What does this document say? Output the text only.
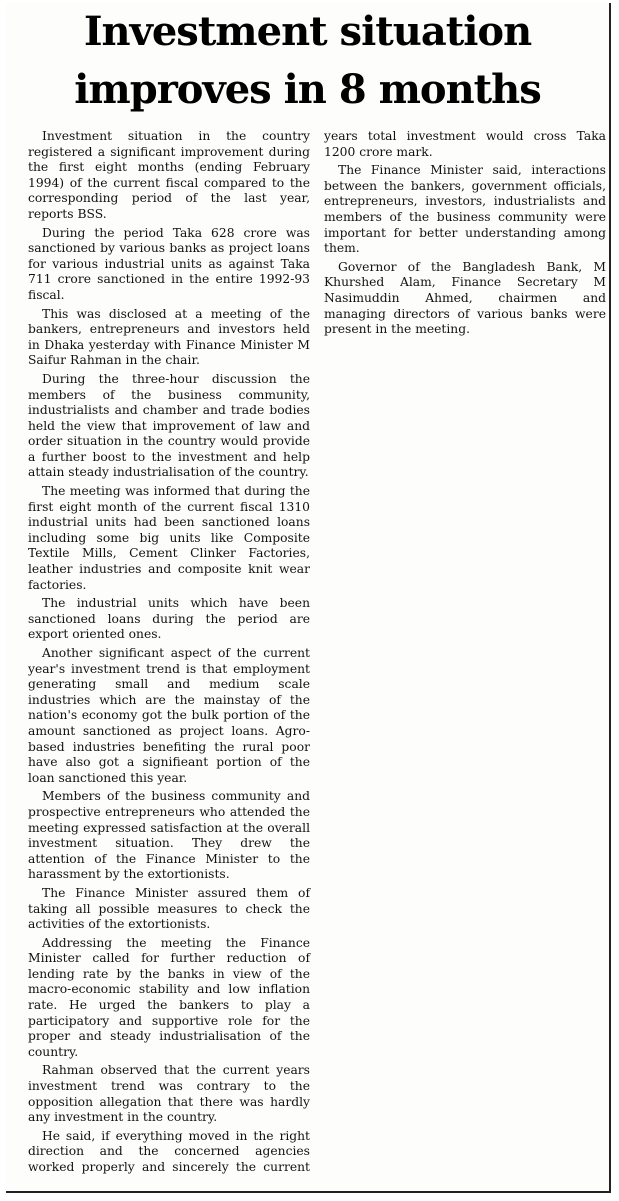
Investment situation
improves in 8 months

Investment situation in the country registered a significant improvement during the first eight months (ending February 1994) of the current fiscal compared to the corresponding period of the last year, reports BSS.

During the period Taka 628 crore was sanctioned by various banks as project loans for various industrial units as against Taka 711 crore sanctioned in the entire 1992-93 fiscal.

This was disclosed at a meeting of the bankers, entrepreneurs and investors held in Dhaka yesterday with Finance Minister M Saifur Rahman in the chair.

During the three-hour discussion the members of the business community, industrialists and chamber and trade bodies held the view that improvement of law and order situation in the country would provide a further boost to the investment and help attain steady industrialisation of the country.

The meeting was informed that during the first eight month of the current fiscal 1310 industrial units had been sanctioned loans including some big units like Composite Textile Mills, Cement Clinker Factories, leather industries and composite knit wear factories.

The industrial units which have been sanctioned loans during the period are export oriented ones.

Another significant aspect of the current year's investment trend is that employment generating small and medium scale industries which are the mainstay of the nation's economy got the bulk portion of the amount sanctioned as project loans. Agro-based industries benefiting the rural poor have also got a signifieant portion of the loan sanctioned this year.

Members of the business community and prospective entrepreneurs who attended the meeting expressed satisfaction at the overall investment situation. They drew the attention of the Finance Minister to the harassment by the extortionists.

The Finance Minister assured them of taking all possible measures to check the activities of the extortionists.

Addressing the meeting the Finance Minister called for further reduction of lending rate by the banks in view of the macro-economic stability and low inflation rate. He urged the bankers to play a participatory and supportive role for the proper and steady industrialisation of the country.

Rahman observed that the current years investment trend was contrary to the opposition allegation that there was hardly any investment in the country.

He said, if everything moved in the right direction and the concerned agencies worked properly and sincerely the current years total investment would cross Taka 1200 crore mark.

The Finance Minister said, interactions between the bankers, government officials, entrepreneurs, investors, industrialists and members of the business community were important for better understanding among them.

Governor of the Bangladesh Bank, M Khurshed Alam, Finance Secretary M Nasimuddin Ahmed, chairmen and managing directors of various banks were present in the meeting.
